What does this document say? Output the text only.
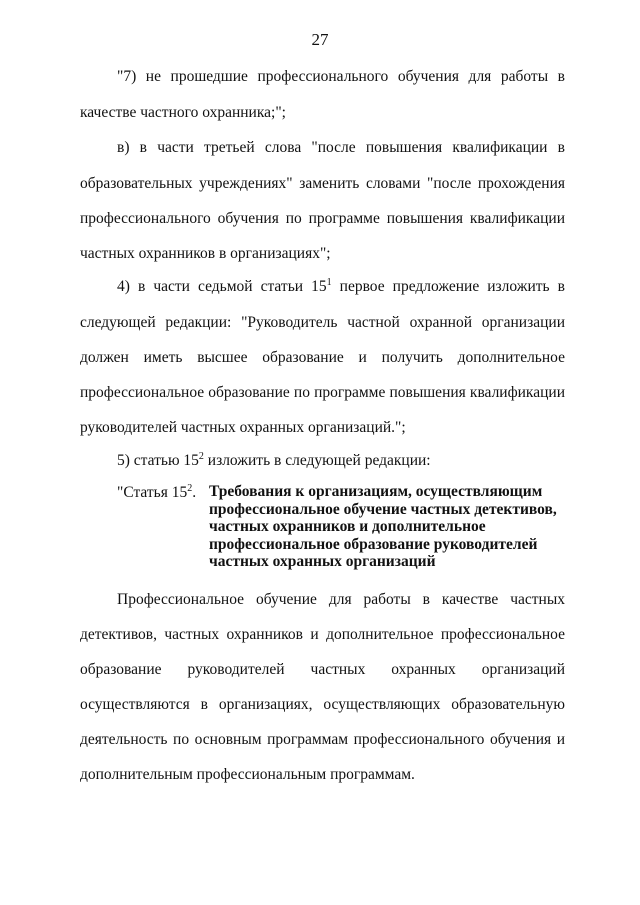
27
"7) не прошедшие профессионального обучения для работы в
качестве частного охранника;";
в) в части третьей слова "после повышения квалификации в
образовательных учреждениях" заменить словами "после прохождения
профессионального обучения по программе повышения квалификации
частных охранников в организациях";
4) в части седьмой статьи $15^1$ первое предложение изложить в
следующей редакции: "Руководитель частной охранной организации
должен иметь высшее образование и получить дополнительное
профессиональное образование по программе повышения квалификации
руководителей частных охранных организаций.";
5) статью $15^2$ изложить в следующей редакции:
"Статья $15^2$. Требования к организациям, осуществляющим
профессиональное обучение частных детективов,
частных охранников и дополнительное
профессиональное образование руководителей
частных охранных организаций
Профессиональное обучение для работы в качестве частных
детективов, частных охранников и дополнительное профессиональное
образование руководителей частных охранных организаций
осуществляются в организациях, осуществляющих образовательную
деятельность по основным программам профессионального обучения и
дополнительным профессиональным программам.
